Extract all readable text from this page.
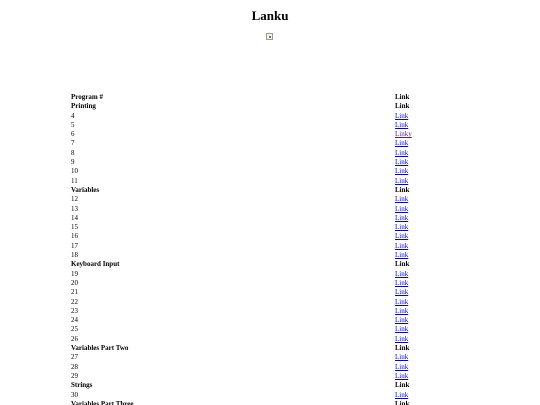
Lanku
Program #	Link
Printing	Link
4	Link
5	Link
6	Linky
7	Link
8	Link
9	Link
10	Link
11	Link
Variables	Link
12	Link
13	Link
14	Link
15	Link
16	Link
17	Link
18	Link
Keyboard Input	Link
19	Link
20	Link
21	Link
22	Link
23	Link
24	Link
25	Link
26	Link
Variables Part Two	Link
27	Link
28	Link
29	Link
Strings	Link
30	Link
Variables Part Three	Link
